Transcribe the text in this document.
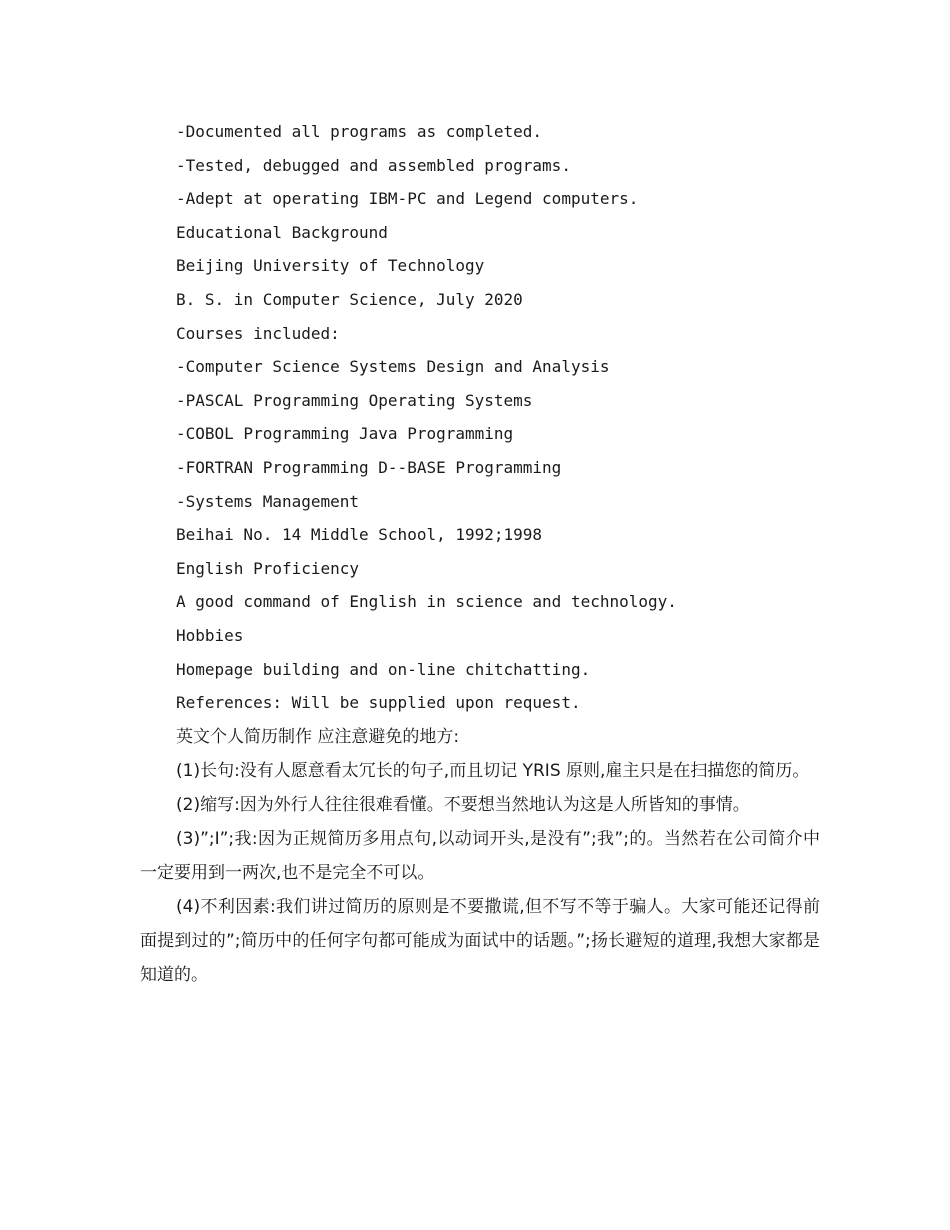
-Documented all programs as completed.
-Tested, debugged and assembled programs.
-Adept at operating IBM-PC and Legend computers.
Educational Background
Beijing University of Technology
B. S. in Computer Science, July 2020
Courses included:
-Computer Science Systems Design and Analysis
-PASCAL Programming Operating Systems
-COBOL Programming Java Programming
-FORTRAN Programming D--BASE Programming
-Systems Management
Beihai No. 14 Middle School, 1992;1998
English Proficiency
A good command of English in science and technology.
Hobbies
Homepage building and on-line chitchatting.
References: Will be supplied upon request.
英文个人简历制作 应注意避免的地方:

(1)长句:没有人愿意看太冗长的句子,而且切记 YRIS 原则,雇主只是在扫描您的简历。

(2)缩写:因为外行人往往很难看懂。不要想当然地认为这是人所皆知的事情。

(3)”;I”;我:因为正规简历多用点句,以动词开头,是没有”;我”;的。当然若在公司简介中一定要用到一两次,也不是完全不可以。

(4)不利因素:我们讲过简历的原则是不要撒谎,但不写不等于骗人。大家可能还记得前面提到过的”;简历中的任何字句都可能成为面试中的话题。”;扬长避短的道理,我想大家都是知道的。
